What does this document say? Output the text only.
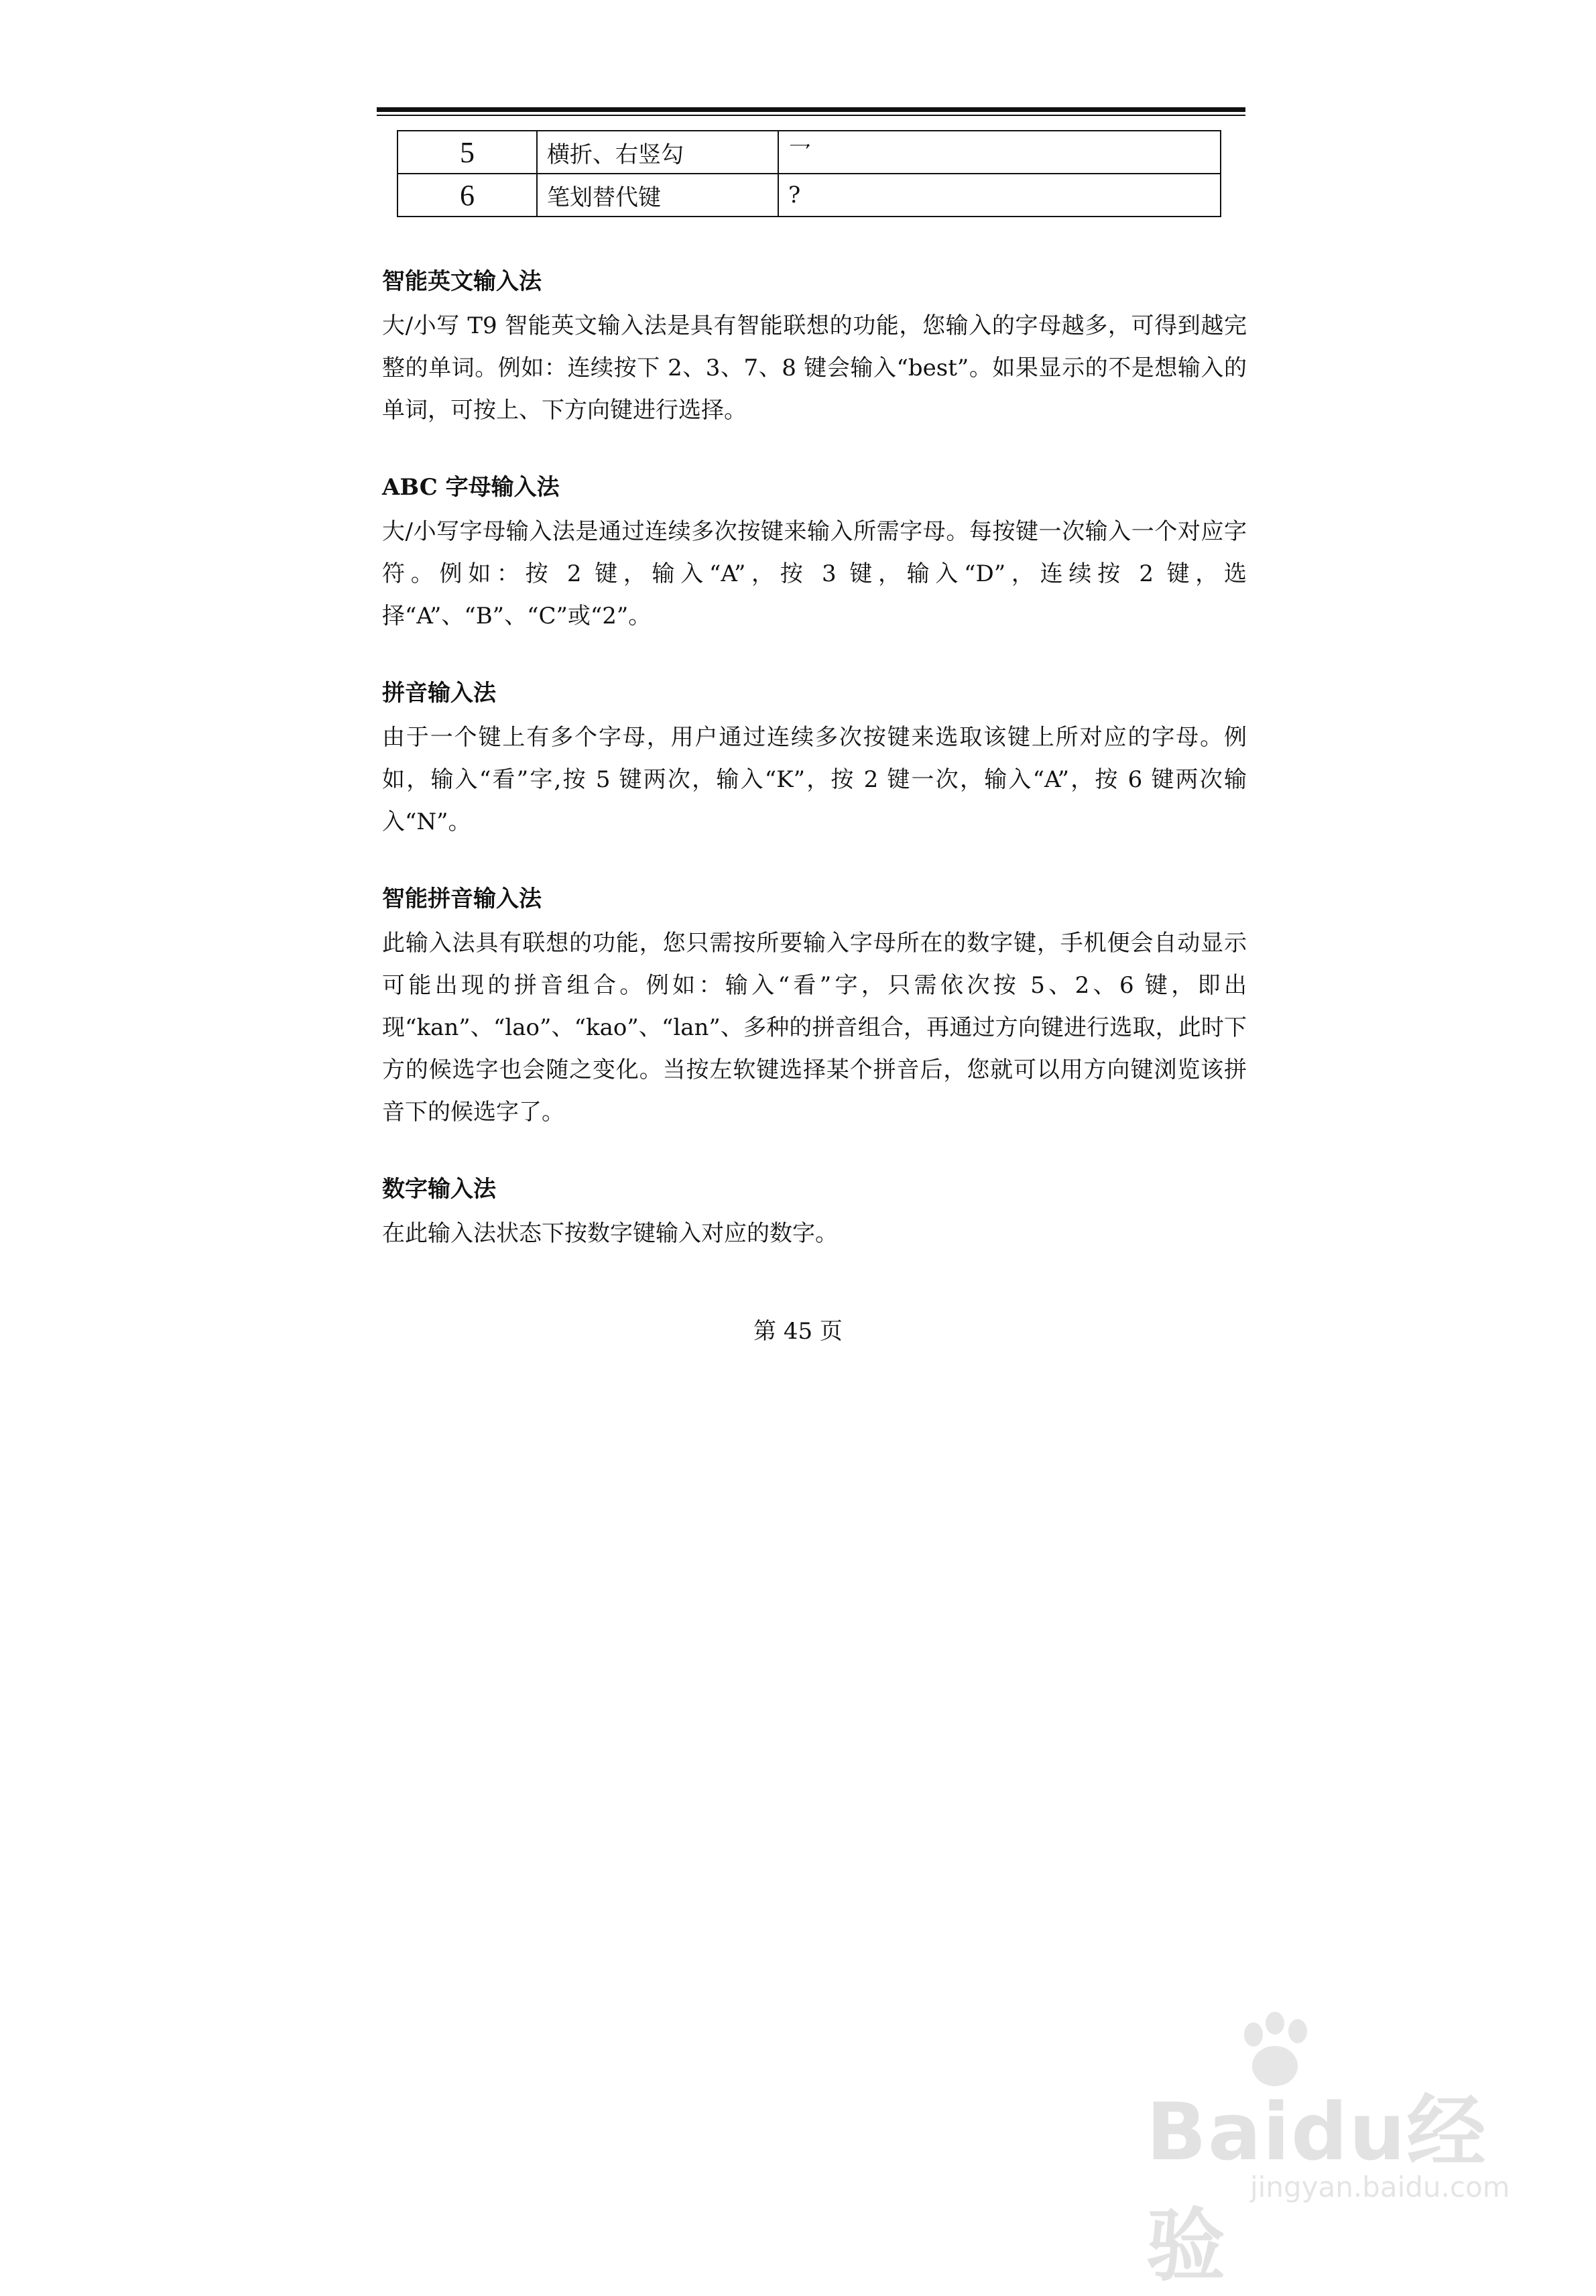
5	横折、右竖勾	乛
6	笔划替代键	?
智能英文输入法

大/小写 T9 智能英文输入法是具有智能联想的功能，您输入的字母越多，可得到越完整的单词。例如：连续按下 2、3、7、8 键会输入“best”。如果显示的不是想输入的单词，可按上、下方向键进行选择。

ABC 字母输入法

大/小写字母输入法是通过连续多次按键来输入所需字母。每按键一次输入一个对应字符。例如：按 2 键，输入“A”，按 3 键，输入“D”，连续按 2 键，选择“A”、“B”、“C”或“2”。

拼音输入法

由于一个键上有多个字母，用户通过连续多次按键来选取该键上所对应的字母。例如，输入“看”字,按 5 键两次，输入“K”，按 2 键一次，输入“A”，按 6 键两次输入“N”。

智能拼音输入法

此输入法具有联想的功能，您只需按所要输入字母所在的数字键，手机便会自动显示可能出现的拼音组合。例如：输入“看”字，只需依次按 5、2、6 键，即出现“kan”、“lao”、“kao”、“lan”、多种的拼音组合，再通过方向键进行选取，此时下方的候选字也会随之变化。当按左软键选择某个拼音后，您就可以用方向键浏览该拼音下的候选字了。

数字输入法

在此输入法状态下按数字键输入对应的数字。

第 45 页
Baidu经验
jingyan.baidu.com
